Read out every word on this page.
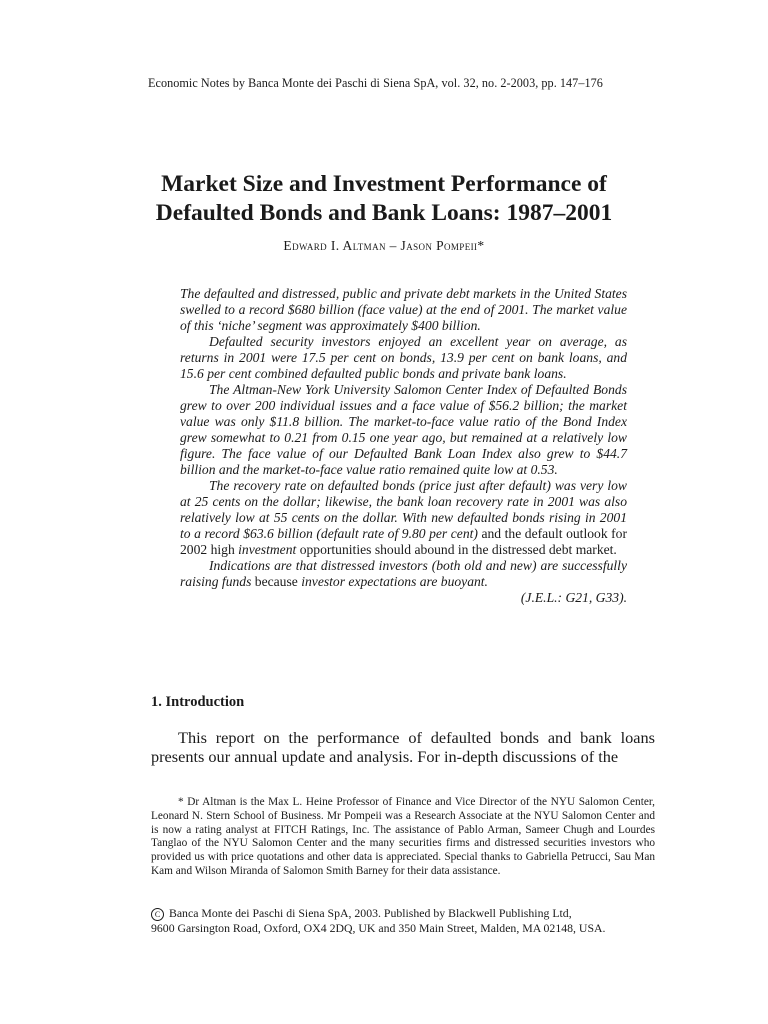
Economic Notes by Banca Monte dei Paschi di Siena SpA, vol. 32, no. 2-2003, pp. 147–176
Market Size and Investment Performance of
Defaulted Bonds and Bank Loans: 1987–2001
Edward I. Altman – Jason Pompeii*

The defaulted and distressed, public and private debt markets in the United States swelled to a record $680 billion (face value) at the end of 2001. The market value of this ‘niche’ segment was approximately $400 billion.

Defaulted security investors enjoyed an excellent year on average, as returns in 2001 were 17.5 per cent on bonds, 13.9 per cent on bank loans, and 15.6 per cent combined defaulted public bonds and private bank loans.

The Altman-New York University Salomon Center Index of Defaulted Bonds grew to over 200 individual issues and a face value of $56.2 billion; the market value was only $11.8 billion. The market-to-face value ratio of the Bond Index grew somewhat to 0.21 from 0.15 one year ago, but remained at a relatively low figure. The face value of our Defaulted Bank Loan Index also grew to $44.7 billion and the market-to-face value ratio remained quite low at 0.53.

The recovery rate on defaulted bonds (price just after default) was very low at 25 cents on the dollar; likewise, the bank loan recovery rate in 2001 was also relatively low at 55 cents on the dollar. With new defaulted bonds rising in 2001 to a record $63.6 billion (default rate of 9.80 per cent) and the default outlook for 2002 high investment opportunities should abound in the distressed debt market.

Indications are that distressed investors (both old and new) are successfully raising funds because investor expectations are buoyant.

(J.E.L.: G21, G33).

1. Introduction

This report on the performance of defaulted bonds and bank loans presents our annual update and analysis. For in-depth discussions of the

* Dr Altman is the Max L. Heine Professor of Finance and Vice Director of the NYU Salomon Center, Leonard N. Stern School of Business. Mr Pompeii was a Research Associate at the NYU Salomon Center and is now a rating analyst at FITCH Ratings, Inc. The assistance of Pablo Arman, Sameer Chugh and Lourdes Tanglao of the NYU Salomon Center and the many securities firms and distressed securities investors who provided us with price quotations and other data is appreciated. Special thanks to Gabriella Petrucci, Sau Man Kam and Wilson Miranda of Salomon Smith Barney for their data assistance.

C Banca Monte dei Paschi di Siena SpA, 2003. Published by Blackwell Publishing Ltd,
9600 Garsington Road, Oxford, OX4 2DQ, UK and 350 Main Street, Malden, MA 02148, USA.
